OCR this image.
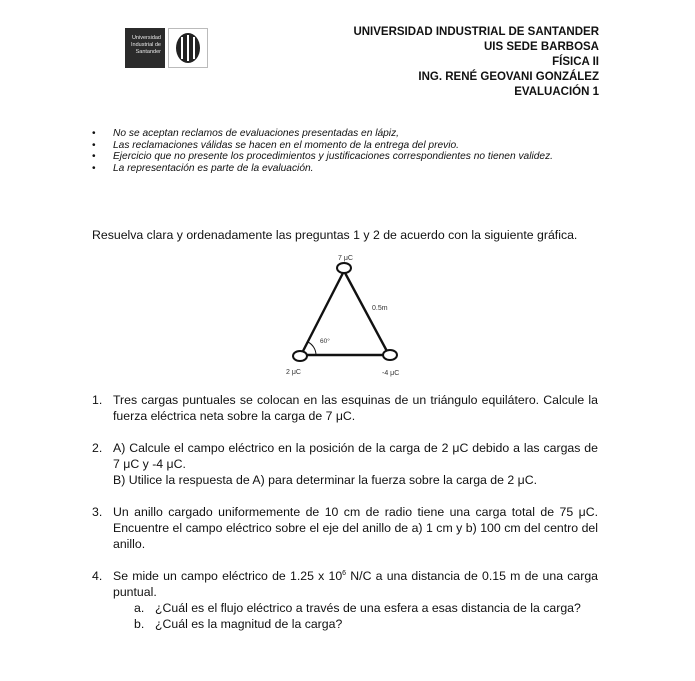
Universidad
Industrial de
Santander
UNIVERSIDAD INDUSTRIAL DE SANTANDER
UIS SEDE BARBOSA
FÍSICA II
ING. RENÉ GEOVANI GONZÁLEZ
EVALUACIÓN 1
• No se aceptan reclamos de evaluaciones presentadas en lápiz,
• Las reclamaciones válidas se hacen en el momento de la entrega del previo.
• Ejercicio que no presente los procedimientos y justificaciones correspondientes no tienen validez.
• La representación es parte de la evaluación.
Resuelva clara y ordenadamente las preguntas 1 y 2 de acuerdo con la siguiente gráfica.
7 μC
0.5m
60°
2 μC	-4 μC
1. Tres cargas puntuales se colocan en las esquinas de un triángulo equilátero. Calcule la fuerza eléctrica neta sobre la carga de 7 μC.
2. A) Calcule el campo eléctrico en la posición de la carga de 2 μC debido a las cargas de 7 μC y -4 μC.
B) Utilice la respuesta de A) para determinar la fuerza sobre la carga de 2 μC.
3. Un anillo cargado uniformemente de 10 cm de radio tiene una carga total de 75 μC. Encuentre el campo eléctrico sobre el eje del anillo de a) 1 cm y b) 100 cm del centro del anillo.
4. Se mide un campo eléctrico de 1.25 x $10^6$ N/C a una distancia de 0.15 m de una carga puntual.
a. ¿Cuál es el flujo eléctrico a través de una esfera a esas distancia de la carga?
b. ¿Cuál es la magnitud de la carga?
